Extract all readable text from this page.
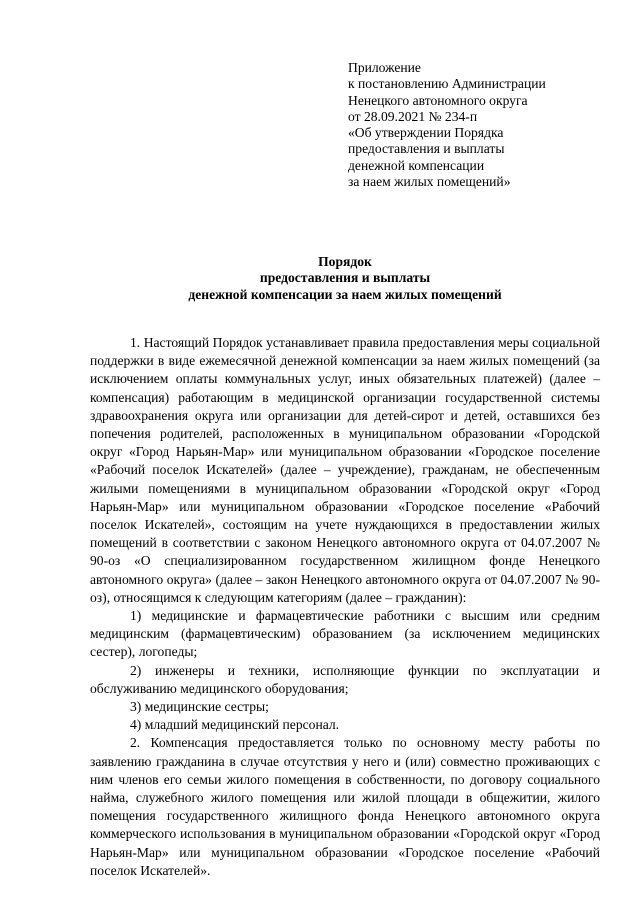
Приложение
к постановлению Администрации
Ненецкого автономного округа
от 28.09.2021 № 234-п
«Об утверждении Порядка
предоставления и выплаты
денежной компенсации
за наем жилых помещений»
Порядок
предоставления и выплаты
денежной компенсации за наем жилых помещений

1. Настоящий Порядок устанавливает правила предоставления меры социальной поддержки в виде ежемесячной денежной компенсации за наем жилых помещений (за исключением оплаты коммунальных услуг, иных обязательных платежей) (далее – компенсация) работающим в медицинской организации государственной системы здравоохранения округа или организации для детей-сирот и детей, оставшихся без попечения родителей, расположенных в муниципальном образовании «Городской округ «Город Нарьян-Мар» или муниципальном образовании «Городское поселение «Рабочий поселок Искателей» (далее – учреждение), гражданам, не обеспеченным жилыми помещениями в муниципальном образовании «Городской округ «Город Нарьян-Мар» или муниципальном образовании «Городское поселение «Рабочий поселок Искателей», состоящим на учете нуждающихся в предоставлении жилых помещений в соответствии с законом Ненецкого автономного округа от 04.07.2007 № 90-оз «О специализированном государственном жилищном фонде Ненецкого автономного округа» (далее – закон Ненецкого автономного округа от 04.07.2007 № 90-оз), относящимся к следующим категориям (далее – гражданин):

1) медицинские и фармацевтические работники с высшим или средним медицинским (фармацевтическим) образованием (за исключением медицинских сестер), логопеды;

2) инженеры и техники, исполняющие функции по эксплуатации и обслуживанию медицинского оборудования;

3) медицинские сестры;

4) младший медицинский персонал.

2. Компенсация предоставляется только по основному месту работы по заявлению гражданина в случае отсутствия у него и (или) совместно проживающих с ним членов его семьи жилого помещения в собственности, по договору социального найма, служебного жилого помещения или жилой площади в общежитии, жилого помещения государственного жилищного фонда Ненецкого автономного округа коммерческого использования в муниципальном образовании «Городской округ «Город Нарьян-Мар» или муниципальном образовании «Городское поселение «Рабочий поселок Искателей».
